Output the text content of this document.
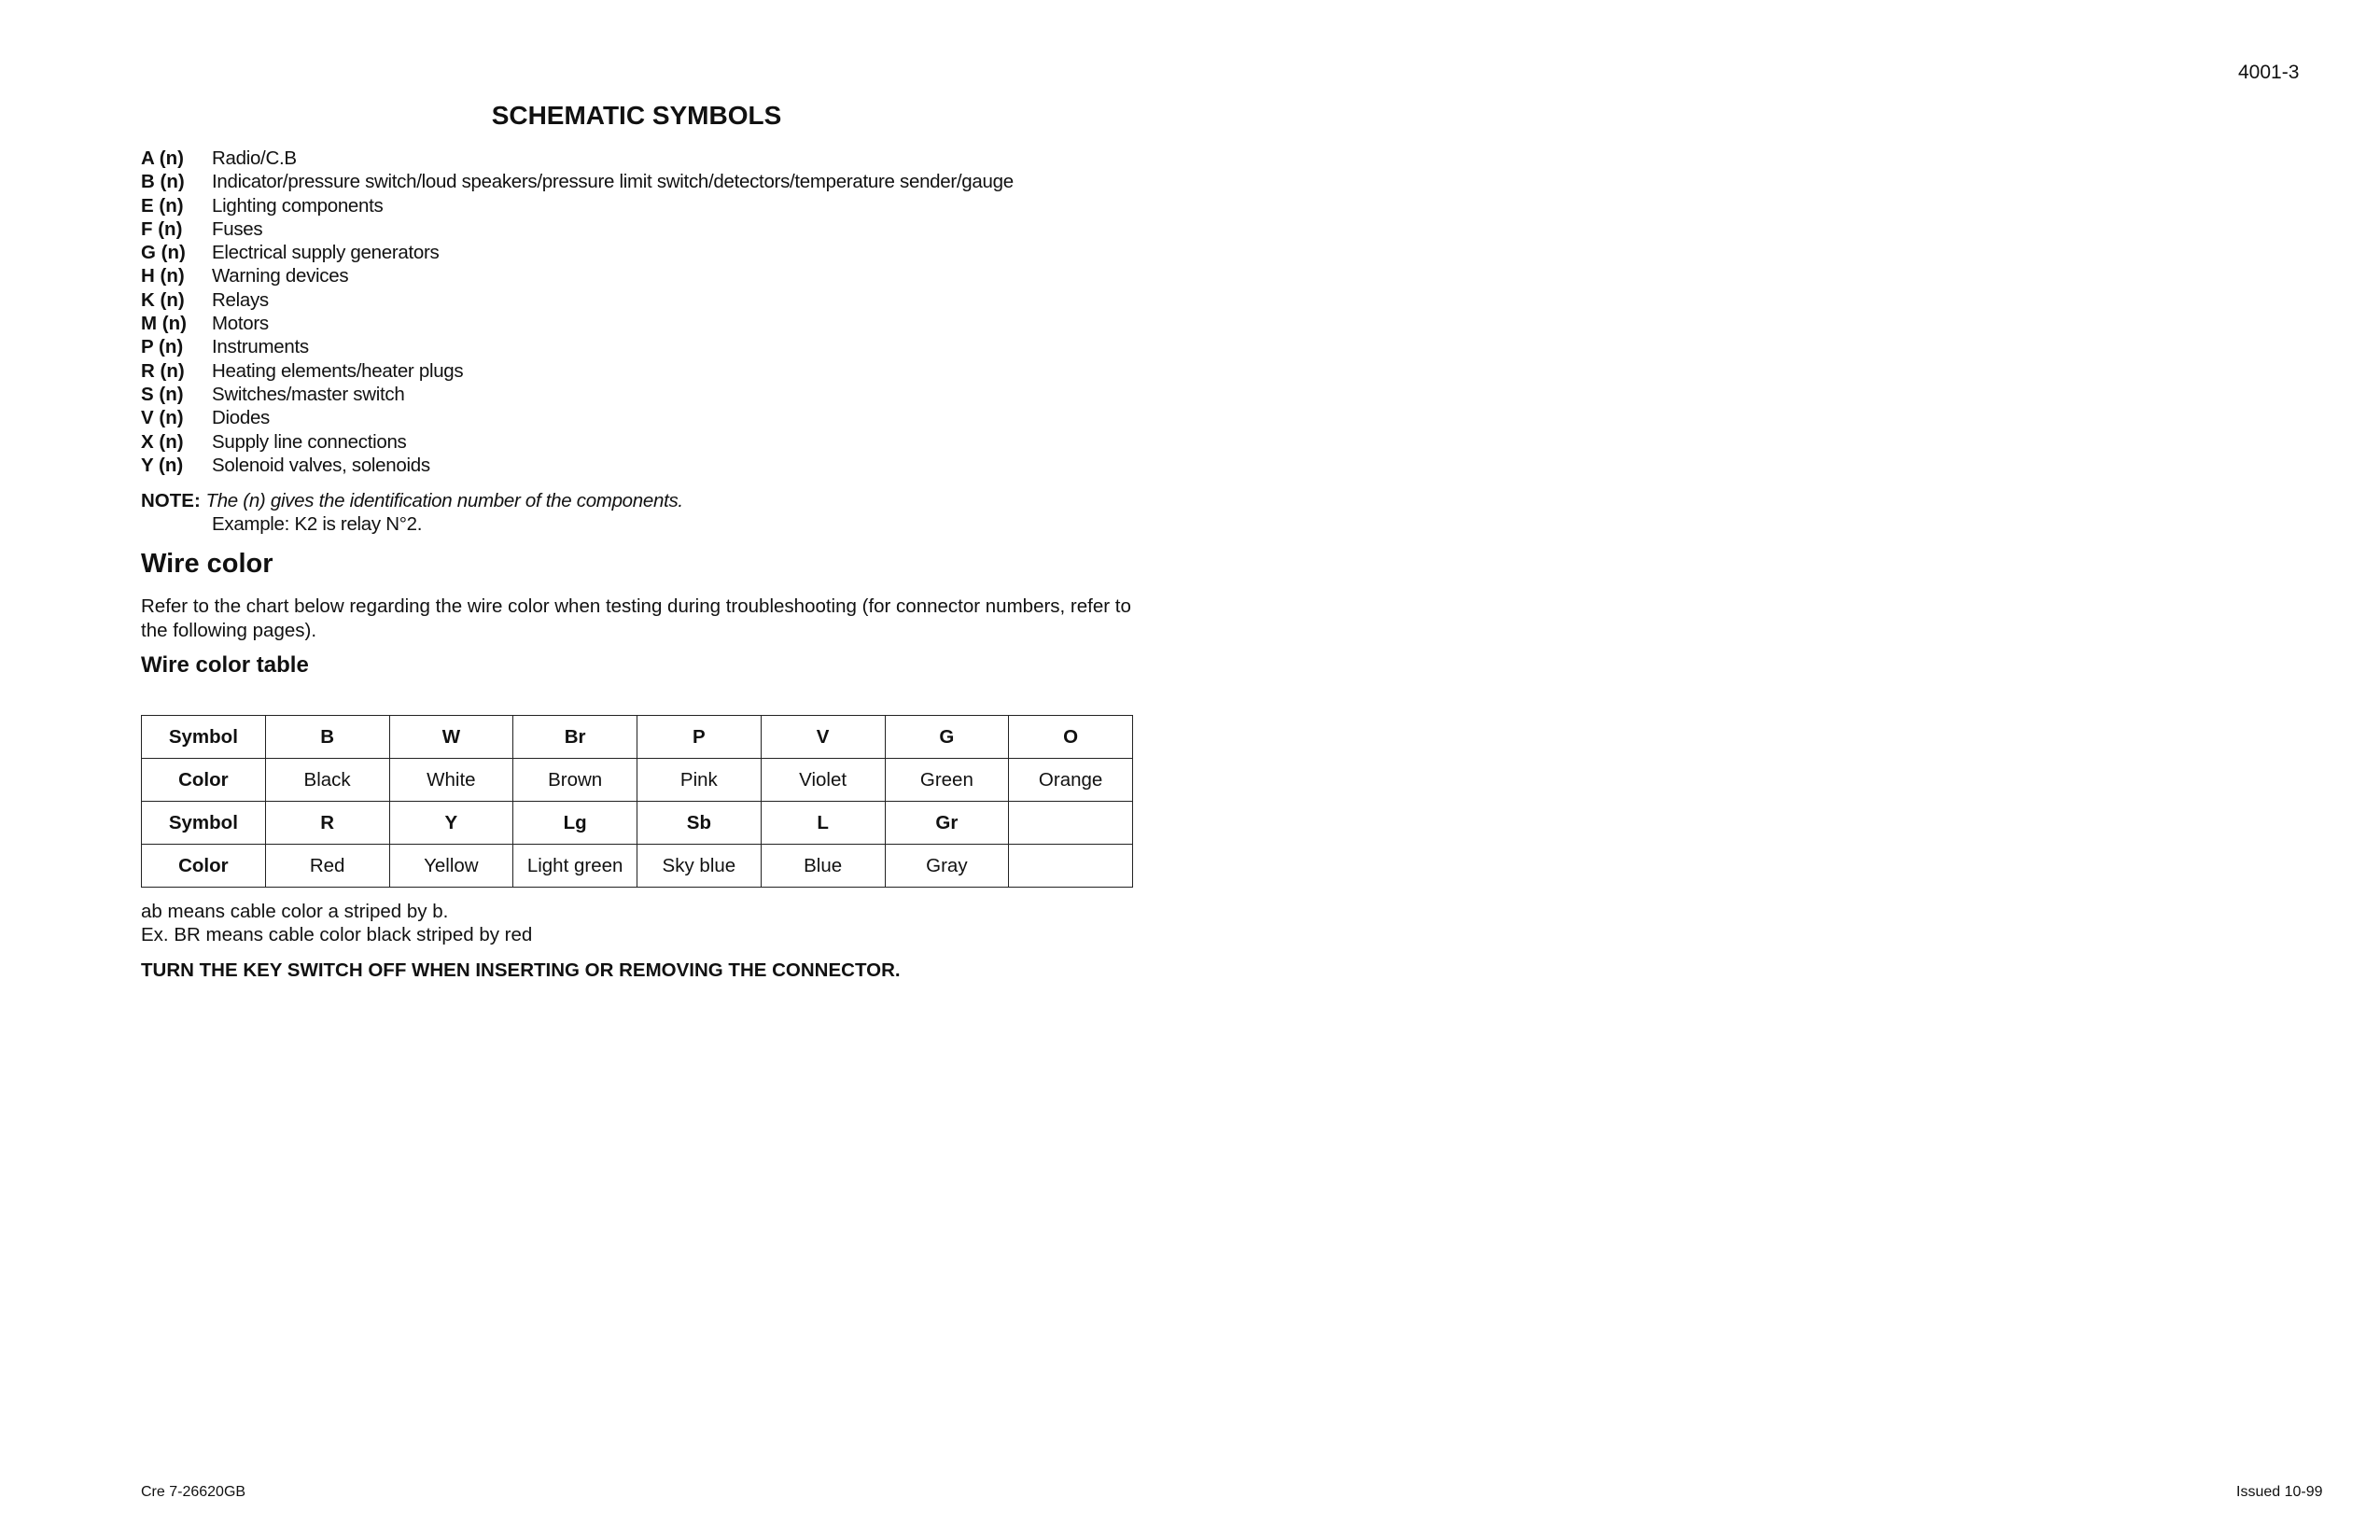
4001-3
SCHEMATIC SYMBOLS
A (n)	Radio/C.B
B (n)	Indicator/pressure switch/loud speakers/pressure limit switch/detectors/temperature sender/gauge
E (n)	Lighting components
F (n)	Fuses
G (n)	Electrical supply generators
H (n)	Warning devices
K (n)	Relays
M (n)	Motors
P (n)	Instruments
R (n)	Heating elements/heater plugs
S (n)	Switches/master switch
V (n)	Diodes
X (n)	Supply line connections
Y (n)	Solenoid valves, solenoids
NOTE: The (n) gives the identification number of the components.
Example: K2 is relay N°2.
Wire color
Refer to the chart below regarding the wire color when testing during troubleshooting (for connector numbers, refer to the following pages).
Wire color table
Symbol	B	W	Br	P	V	G	O
Color	Black	White	Brown	Pink	Violet	Green	Orange
Symbol	R	Y	Lg	Sb	L	Gr	
Color	Red	Yellow	Light green	Sky blue	Blue	Gray	
ab means cable color a striped by b.
Ex. BR means cable color black striped by red
TURN THE KEY SWITCH OFF WHEN INSERTING OR REMOVING THE CONNECTOR.
Cre 7-26620GB	Issued 10-99
